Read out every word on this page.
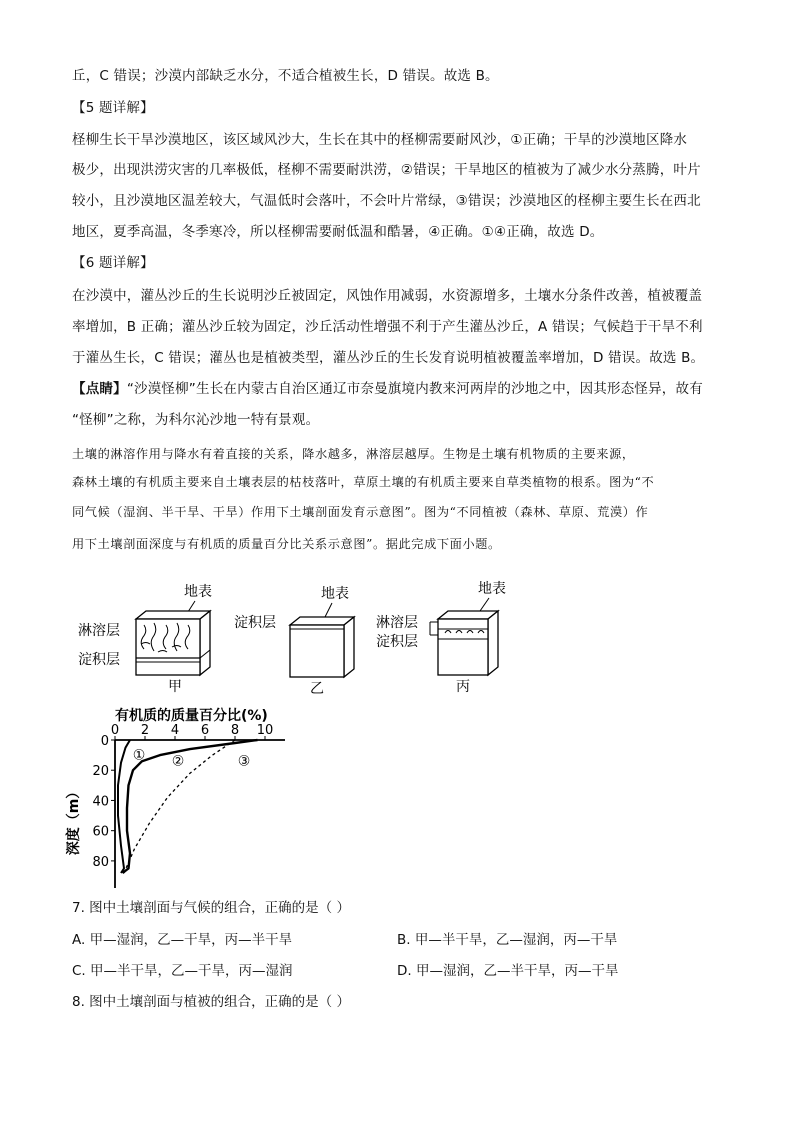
丘，C 错误；沙漠内部缺乏水分，不适合植被生长，D 错误。故选 B。
【5 题详解】
柽柳生长干旱沙漠地区，该区域风沙大，生长在其中的柽柳需要耐风沙，①正确；干旱的沙漠地区降水
极少，出现洪涝灾害的几率极低，柽柳不需要耐洪涝，②错误；干旱地区的植被为了减少水分蒸腾，叶片
较小，且沙漠地区温差较大，气温低时会落叶，不会叶片常绿，③错误；沙漠地区的柽柳主要生长在西北
地区，夏季高温，冬季寒冷，所以柽柳需要耐低温和酷暑，④正确。①④正确，故选 D。
【6 题详解】
在沙漠中，灌丛沙丘的生长说明沙丘被固定，风蚀作用减弱，水资源增多，土壤水分条件改善，植被覆盖
率增加，B 正确；灌丛沙丘较为固定，沙丘活动性增强不利于产生灌丛沙丘，A 错误；气候趋于干旱不利
于灌丛生长，C 错误；灌丛也是植被类型，灌丛沙丘的生长发育说明植被覆盖率增加，D 错误。故选 B。
【点睛】“沙漠怪柳”生长在内蒙古自治区通辽市奈曼旗境内教来河两岸的沙地之中，因其形态怪异，故有
“怪柳”之称，为科尔沁沙地一特有景观。
土壤的淋溶作用与降水有着直接的关系，降水越多，淋溶层越厚。生物是土壤有机物质的主要来源，
森林土壤的有机质主要来自土壤表层的枯枝落叶，草原土壤的有机质主要来自草类植物的根系。图为“不
同气候（湿润、半干旱、干旱）作用下土壤剖面发育示意图”。图为“不同植被（森林、草原、荒漠）作
用下土壤剖面深度与有机质的质量百分比关系示意图”。据此完成下面小题。
地表
淋溶层
淀积层
甲
地表
淀积层
乙
地表
淋溶层
淀积层
丙
有机质的质量百分比(%)
深度（m）
0 2 4 6 8 10
0
20
40
60
80
① ②	③
7. 图中土壤剖面与气候的组合，正确的是（ ）
A. 甲—湿润，乙—干旱，丙—半干旱	B. 甲—半干旱，乙—湿润，丙—干旱
C. 甲—半干旱，乙—干旱，丙—湿润	D. 甲—湿润，乙—半干旱，丙—干旱
8. 图中土壤剖面与植被的组合，正确的是（ ）
